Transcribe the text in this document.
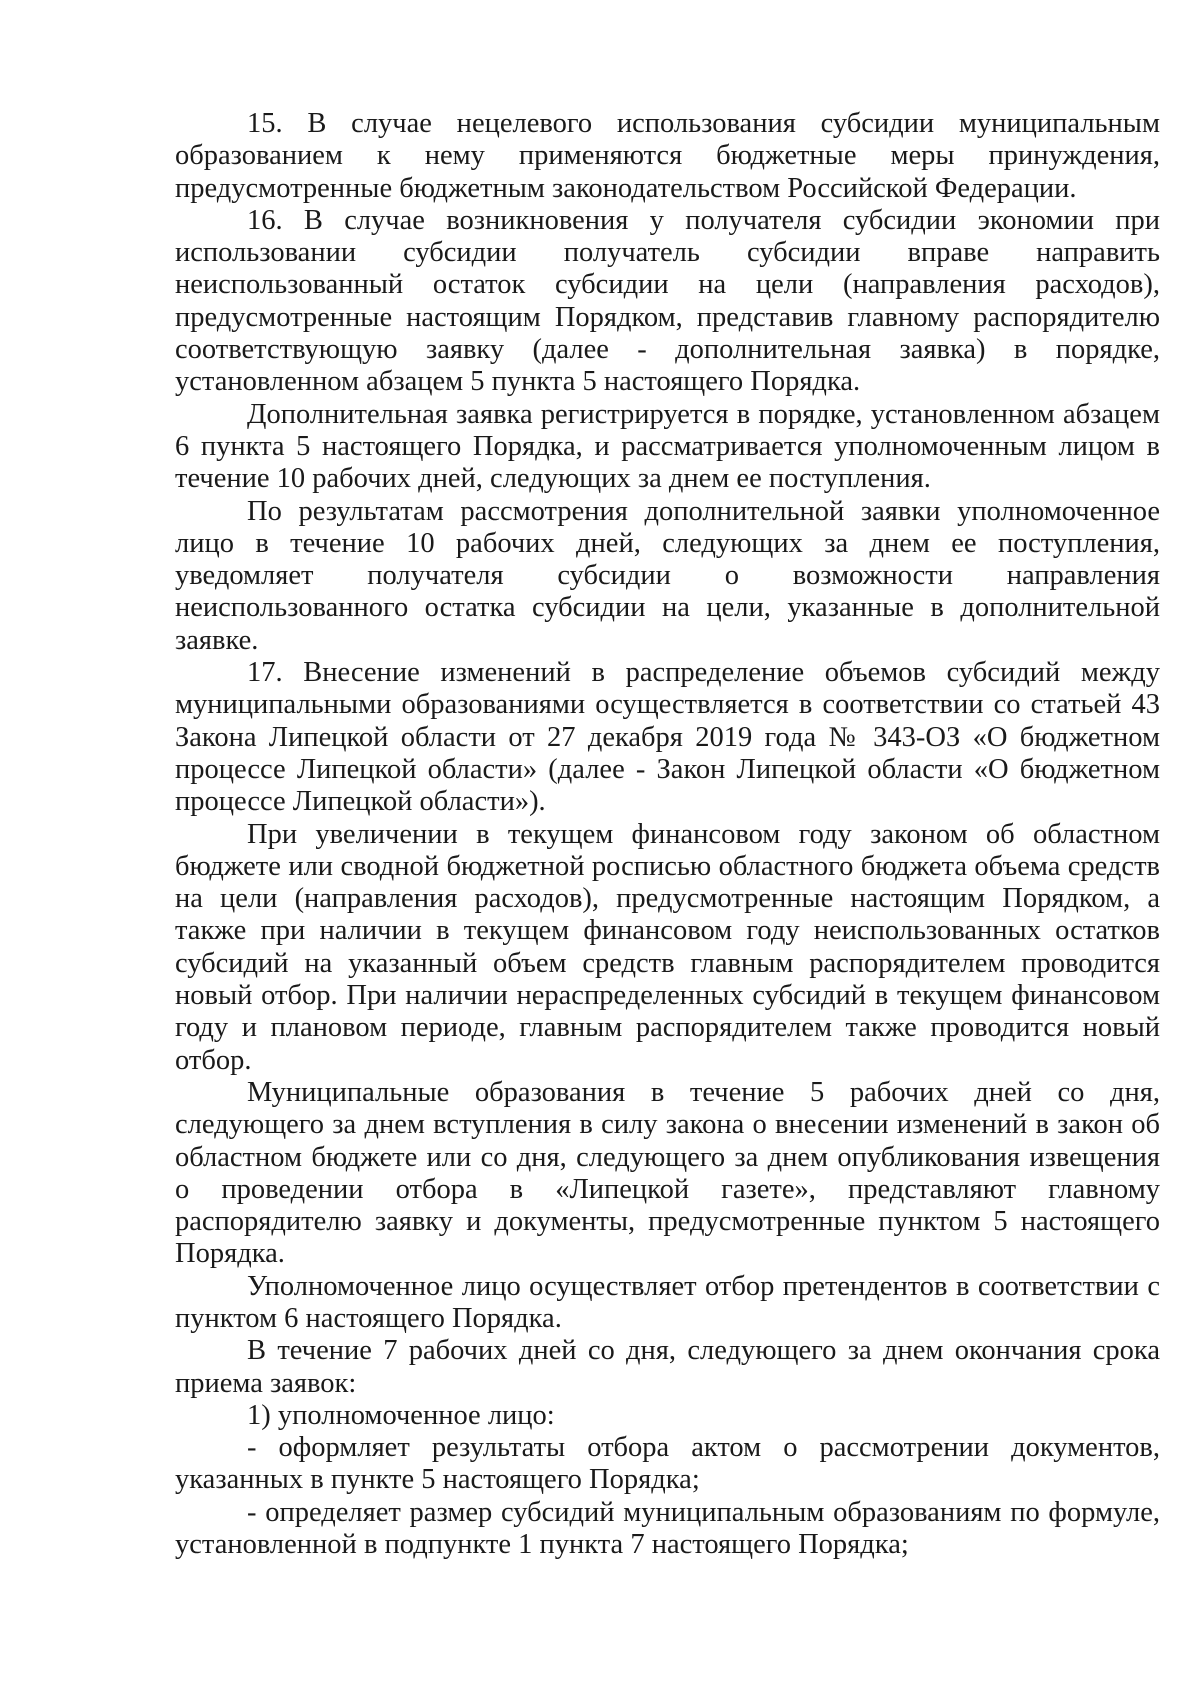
15. В случае нецелевого использования субсидии муниципальным образованием к нему применяются бюджетные меры принуждения, предусмотренные бюджетным законодательством Российской Федерации.

16. В случае возникновения у получателя субсидии экономии при использовании субсидии получатель субсидии вправе направить неиспользованный остаток субсидии на цели (направления расходов), предусмотренные настоящим Порядком, представив главному распорядителю соответствующую заявку (далее - дополнительная заявка) в порядке, установленном абзацем 5 пункта 5 настоящего Порядка.

Дополнительная заявка регистрируется в порядке, установленном абзацем 6 пункта 5 настоящего Порядка, и рассматривается уполномоченным лицом в течение 10 рабочих дней, следующих за днем ее поступления.

По результатам рассмотрения дополнительной заявки уполномоченное лицо в течение 10 рабочих дней, следующих за днем ее поступления, уведомляет получателя субсидии о возможности направления неиспользованного остатка субсидии на цели, указанные в дополнительной заявке.

17. Внесение изменений в распределение объемов субсидий между муниципальными образованиями осуществляется в соответствии со статьей 43 Закона Липецкой области от 27 декабря 2019 года № 343-ОЗ «О бюджетном процессе Липецкой области» (далее - Закон Липецкой области «О бюджетном процессе Липецкой области»).

При увеличении в текущем финансовом году законом об областном бюджете или сводной бюджетной росписью областного бюджета объема средств на цели (направления расходов), предусмотренные настоящим Порядком, а также при наличии в текущем финансовом году неиспользованных остатков субсидий на указанный объем средств главным распорядителем проводится новый отбор. При наличии нераспределенных субсидий в текущем финансовом году и плановом периоде, главным распорядителем также проводится новый отбор.

Муниципальные образования в течение 5 рабочих дней со дня, следующего за днем вступления в силу закона о внесении изменений в закон об областном бюджете или со дня, следующего за днем опубликования извещения о проведении отбора в «Липецкой газете», представляют главному распорядителю заявку и документы, предусмотренные пунктом 5 настоящего Порядка.

Уполномоченное лицо осуществляет отбор претендентов в соответствии с пунктом 6 настоящего Порядка.

В течение 7 рабочих дней со дня, следующего за днем окончания срока приема заявок:

1) уполномоченное лицо:

- оформляет результаты отбора актом о рассмотрении документов, указанных в пункте 5 настоящего Порядка;

- определяет размер субсидий муниципальным образованиям по формуле, установленной в подпункте 1 пункта 7 настоящего Порядка;
